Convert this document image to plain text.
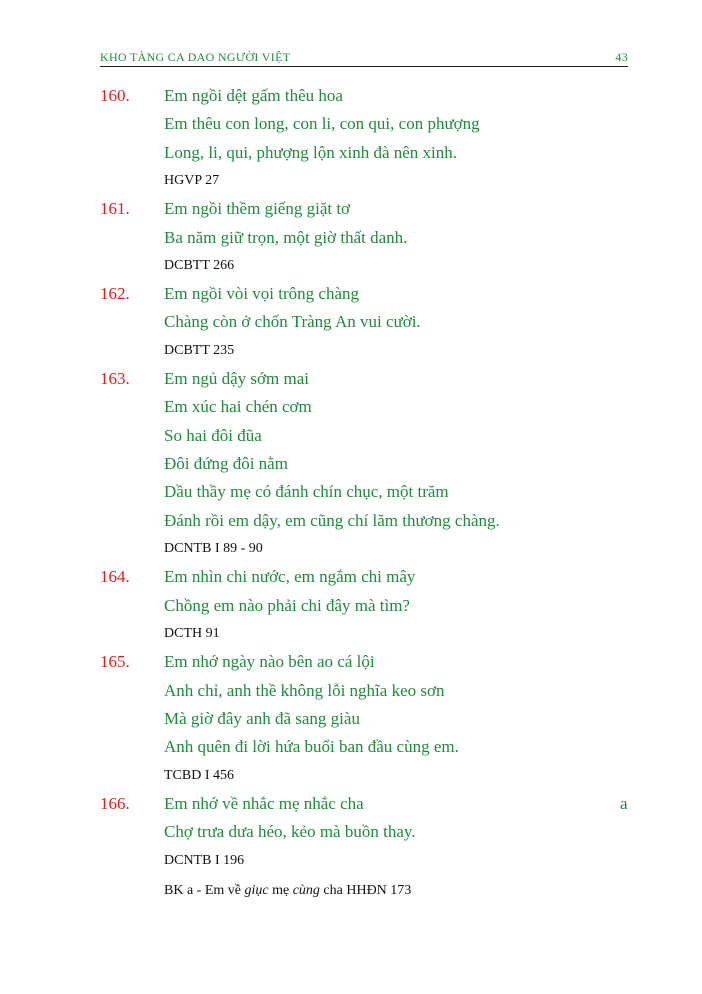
KHO TÀNG CA DAO NGƯỜI VIỆT	43
160. Em ngồi dệt gấm thêu hoa
Em thêu con long, con li, con qui, con phượng
Long, li, qui, phượng lộn xinh đà nên xinh.
HGVP 27
161. Em ngồi thềm giếng giặt tơ
Ba năm giữ trọn, một giờ thất danh.
DCBTT 266
162. Em ngồi vòi vọi trông chàng
Chàng còn ở chốn Tràng An vui cười.
DCBTT 235
163. Em ngủ dậy sớm mai
Em xúc hai chén cơm
So hai đôi đũa
Đôi đứng đôi nằm
Dầu thầy mẹ có đánh chín chục, một trăm
Đánh rồi em dậy, em cũng chí lăm thương chàng.
DCNTB I 89 - 90
164. Em nhìn chi nước, em ngắm chi mây
Chồng em nào phải chi đây mà tìm?
DCTH 91
165. Em nhớ ngày nào bên ao cá lội
Anh chỉ, anh thề không lỗi nghĩa keo sơn
Mà giờ đây anh đã sang giàu
Anh quên đi lời hứa buổi ban đầu cùng em.
TCBD I 456
166. Em nhớ về nhắc mẹ nhắc cha	a
Chợ trưa dưa héo, kẻo mà buồn thay.
DCNTB I 196
BK a - Em về giục mẹ cùng cha HHĐN 173
